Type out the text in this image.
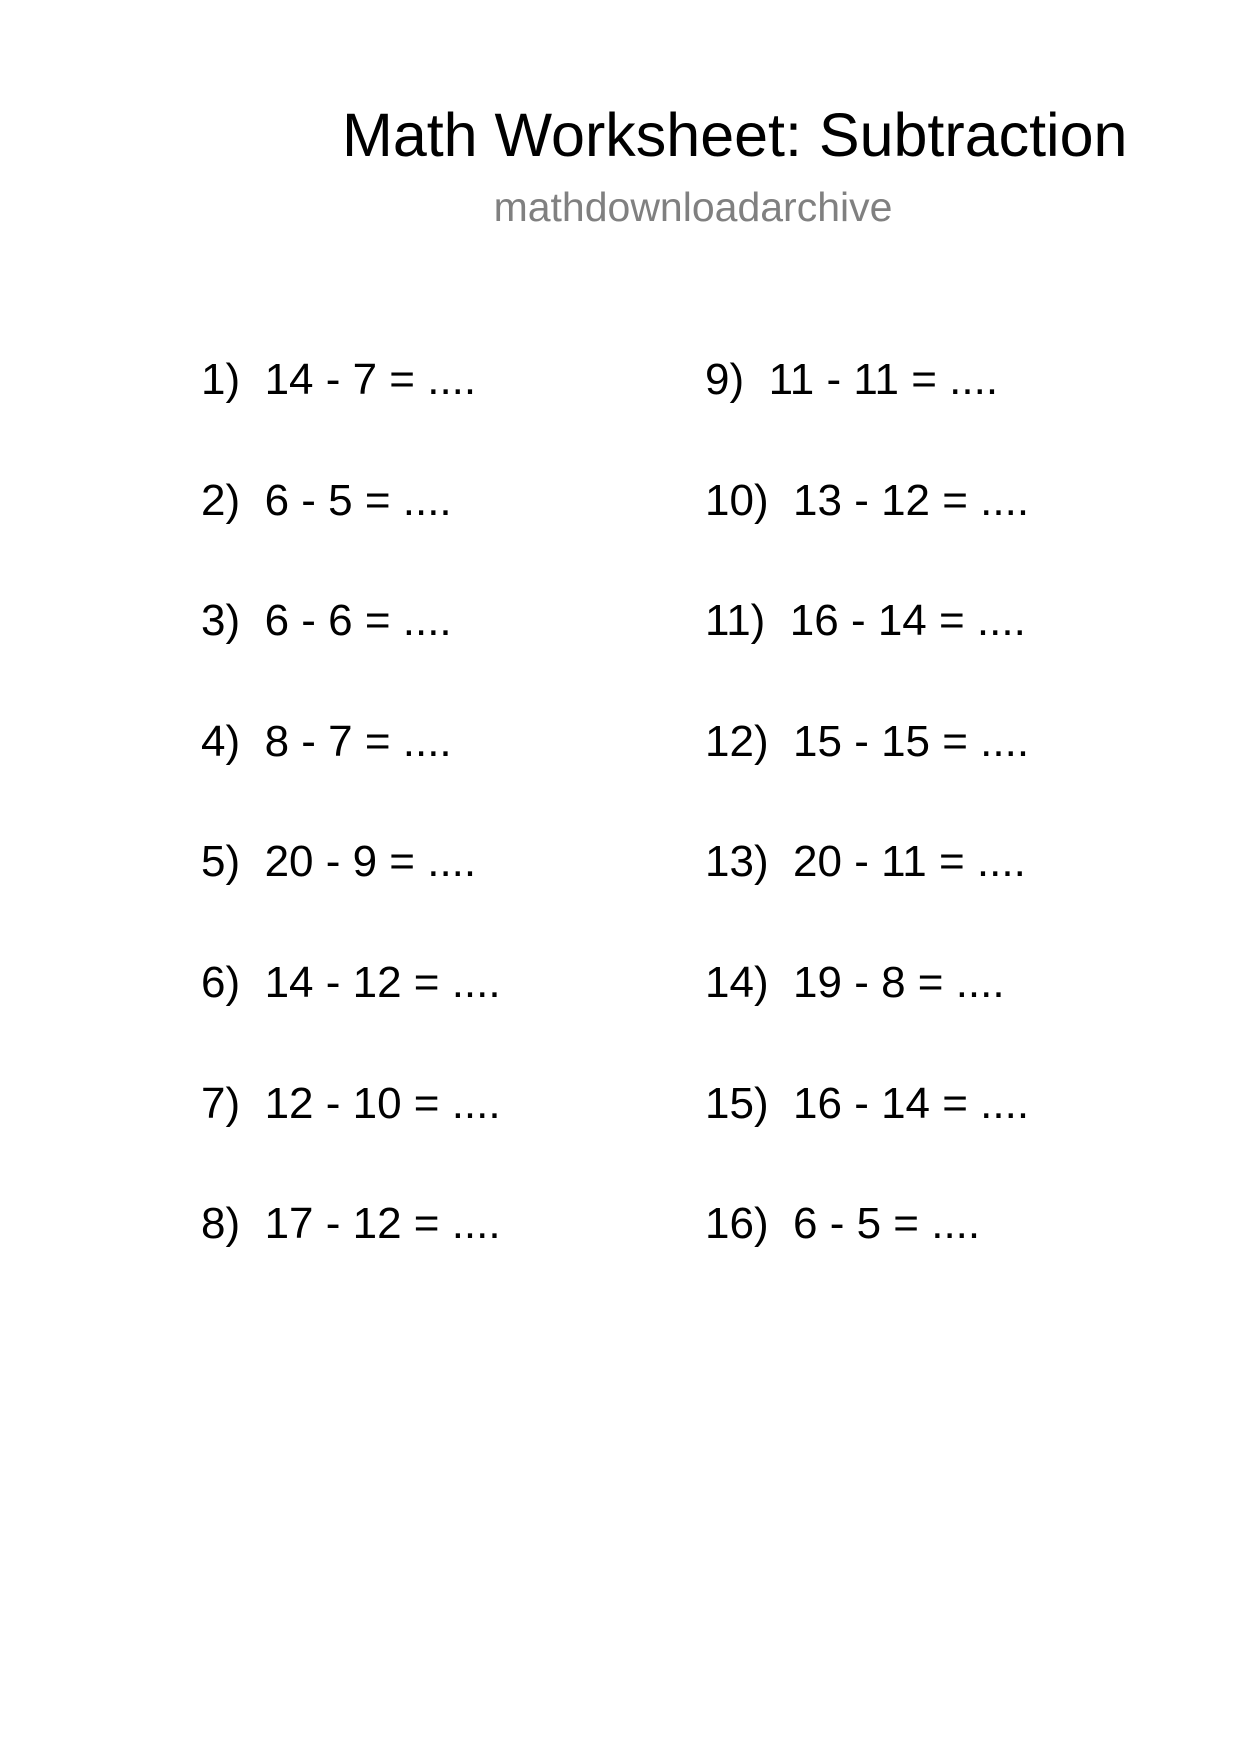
Math Worksheet: Subtraction
mathdownloadarchive
1)  14 - 7 = ....
2)  6 - 5 = ....
3)  6 - 6 = ....
4)  8 - 7 = ....
5)  20 - 9 = ....
6)  14 - 12 = ....
7)  12 - 10 = ....
8)  17 - 12 = ....
9)  11 - 11 = ....
10)  13 - 12 = ....
11)  16 - 14 = ....
12)  15 - 15 = ....
13)  20 - 11 = ....
14)  19 - 8 = ....
15)  16 - 14 = ....
16)  6 - 5 = ....
